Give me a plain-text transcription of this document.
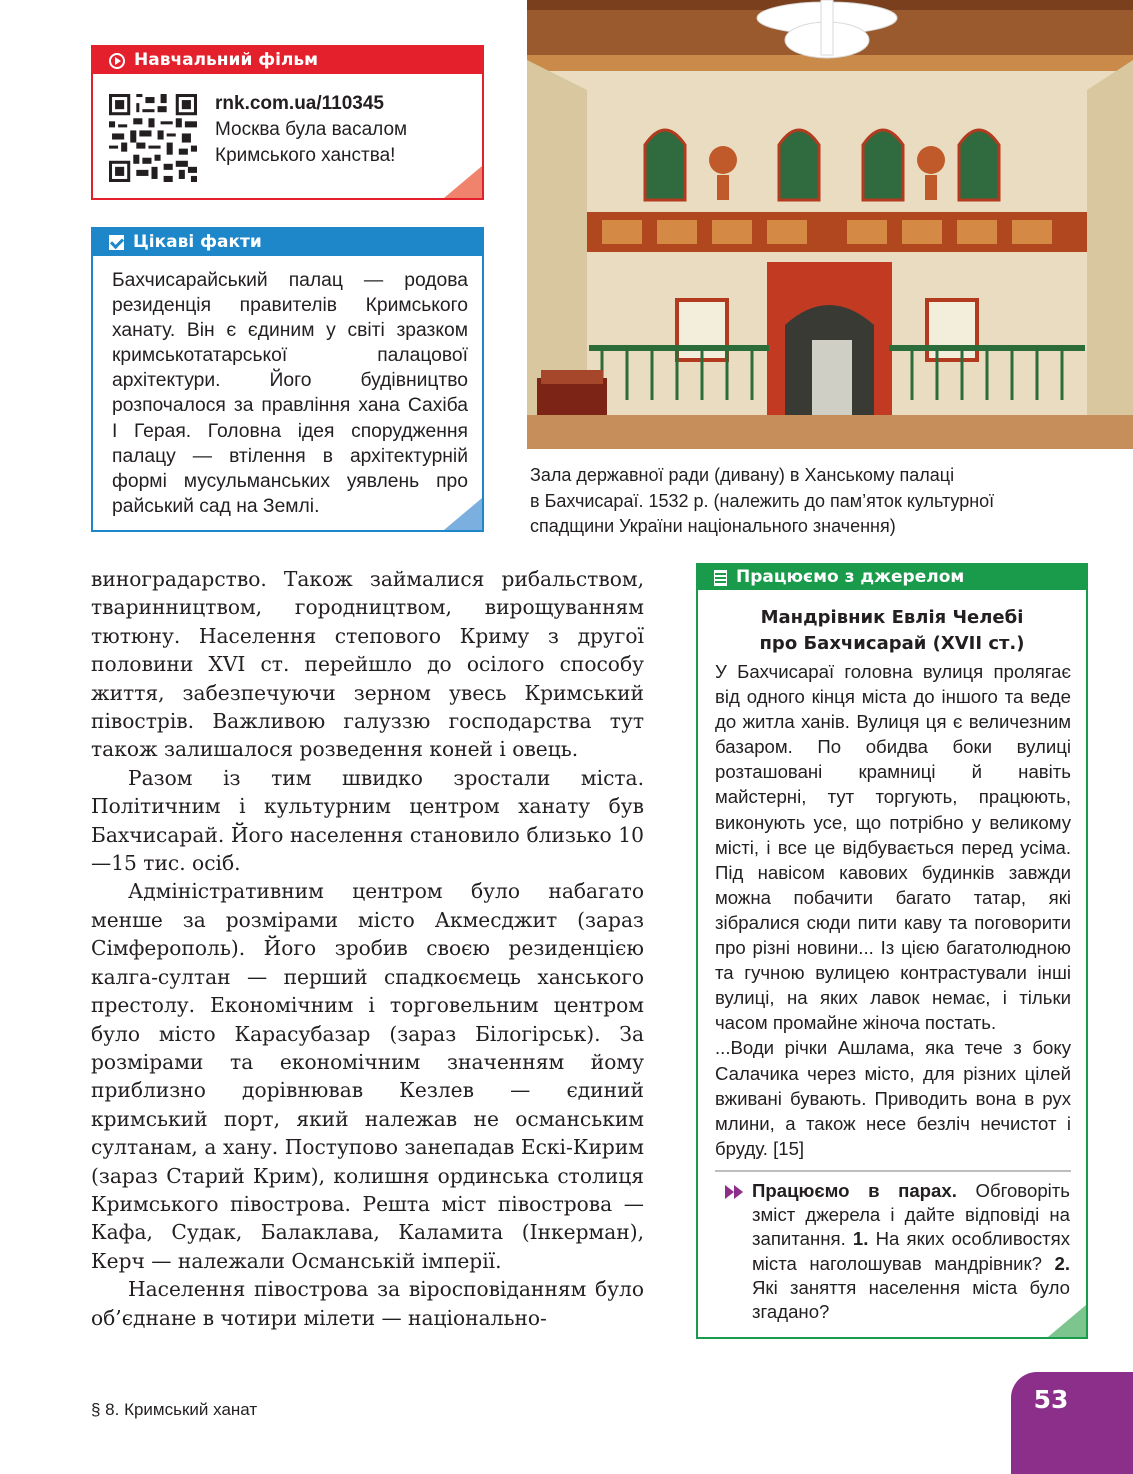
Навчальний фільм
rnk.com.ua/110345
Москва була васалом
Кримського ханства!
Цікаві факти
Бахчисарайський палац — родова резиденція правителів Кримського ханату. Він є єдиним у світі зразком кримськотатарської палацової архітектури. Його будівництво розпочалося за правління хана Сахіба І Герая. Головна ідея спорудження палацу — втілення в архітектурній формі мусульманських уявлень про райський сад на Землі.
Зала державної ради (дивану) в Ханському палаці
в Бахчисараї. 1532 р. (належить до пам’яток культурної
спадщини України національного значення)

виноградарство. Також займалися рибальством, тваринництвом, городництвом, вирощуванням тютюну. Населення степового Криму з другої половини XVI ст. перейшло до осілого способу життя, забезпечуючи зерном увесь Кримський півострів. Важливою галуззю господарства тут також залишалося розведення коней і овець.

Разом із тим швидко зростали міста. Політичним і культурним центром ханату був Бахчисарай. Його населення становило близько 10—15 тис. осіб.

Адміністративним центром було набагато менше за розмірами місто Акмесджит (зараз Сімферополь). Його зробив своєю резиденцією калга-султан — перший спадкоємець ханського престолу. Економічним і торговельним центром було місто Карасубазар (зараз Білогірськ). За розмірами та економічним значенням йому приблизно дорівнював Кезлев — єдиний кримський порт, який належав не османським султанам, а хану. Поступово занепадав Ескі-Кирим (зараз Старий Крим), колишня ординська столиця Кримського півострова. Решта міст півострова — Кафа, Судак, Балаклава, Каламита (Інкерман), Керч — належали Османській імперії.

Населення півострова за віросповіданням було об’єднане в чотири мілети — національно-

Працюємо з джерелом
Мандрівник Евлія Челебі
про Бахчисарай (XVII ст.)

У Бахчисараї головна вулиця пролягає від одного кінця міста до іншого та веде до житла ханів. Вулиця ця є величезним базаром. По обидва боки вулиці розташовані крамниці й навіть майстерні, тут торгують, працюють, виконують усе, що потрібно у великому місті, і все це відбувається перед усіма. Під навісом кавових будинків завжди можна побачити багато татар, які зібралися сюди пити каву та поговорити про різні новини... Із цією багатолюдною та гучною вулицею контрастували інші вулиці, на яких лавок немає, і тільки часом промайне жіноча постать.

...Води річки Ашлама, яка тече з боку Салачика через місто, для різних цілей вживані бувають. Приводить вона в рух млини, а також несе безліч нечистот і бруду. [15]

Працюємо в парах. Обговоріть зміст джерела і дайте відповіді на запитання. 1. На яких особливостях міста наголошував мандрівник? 2. Які заняття населення міста було згадано?
§ 8. Кримський ханат	53
